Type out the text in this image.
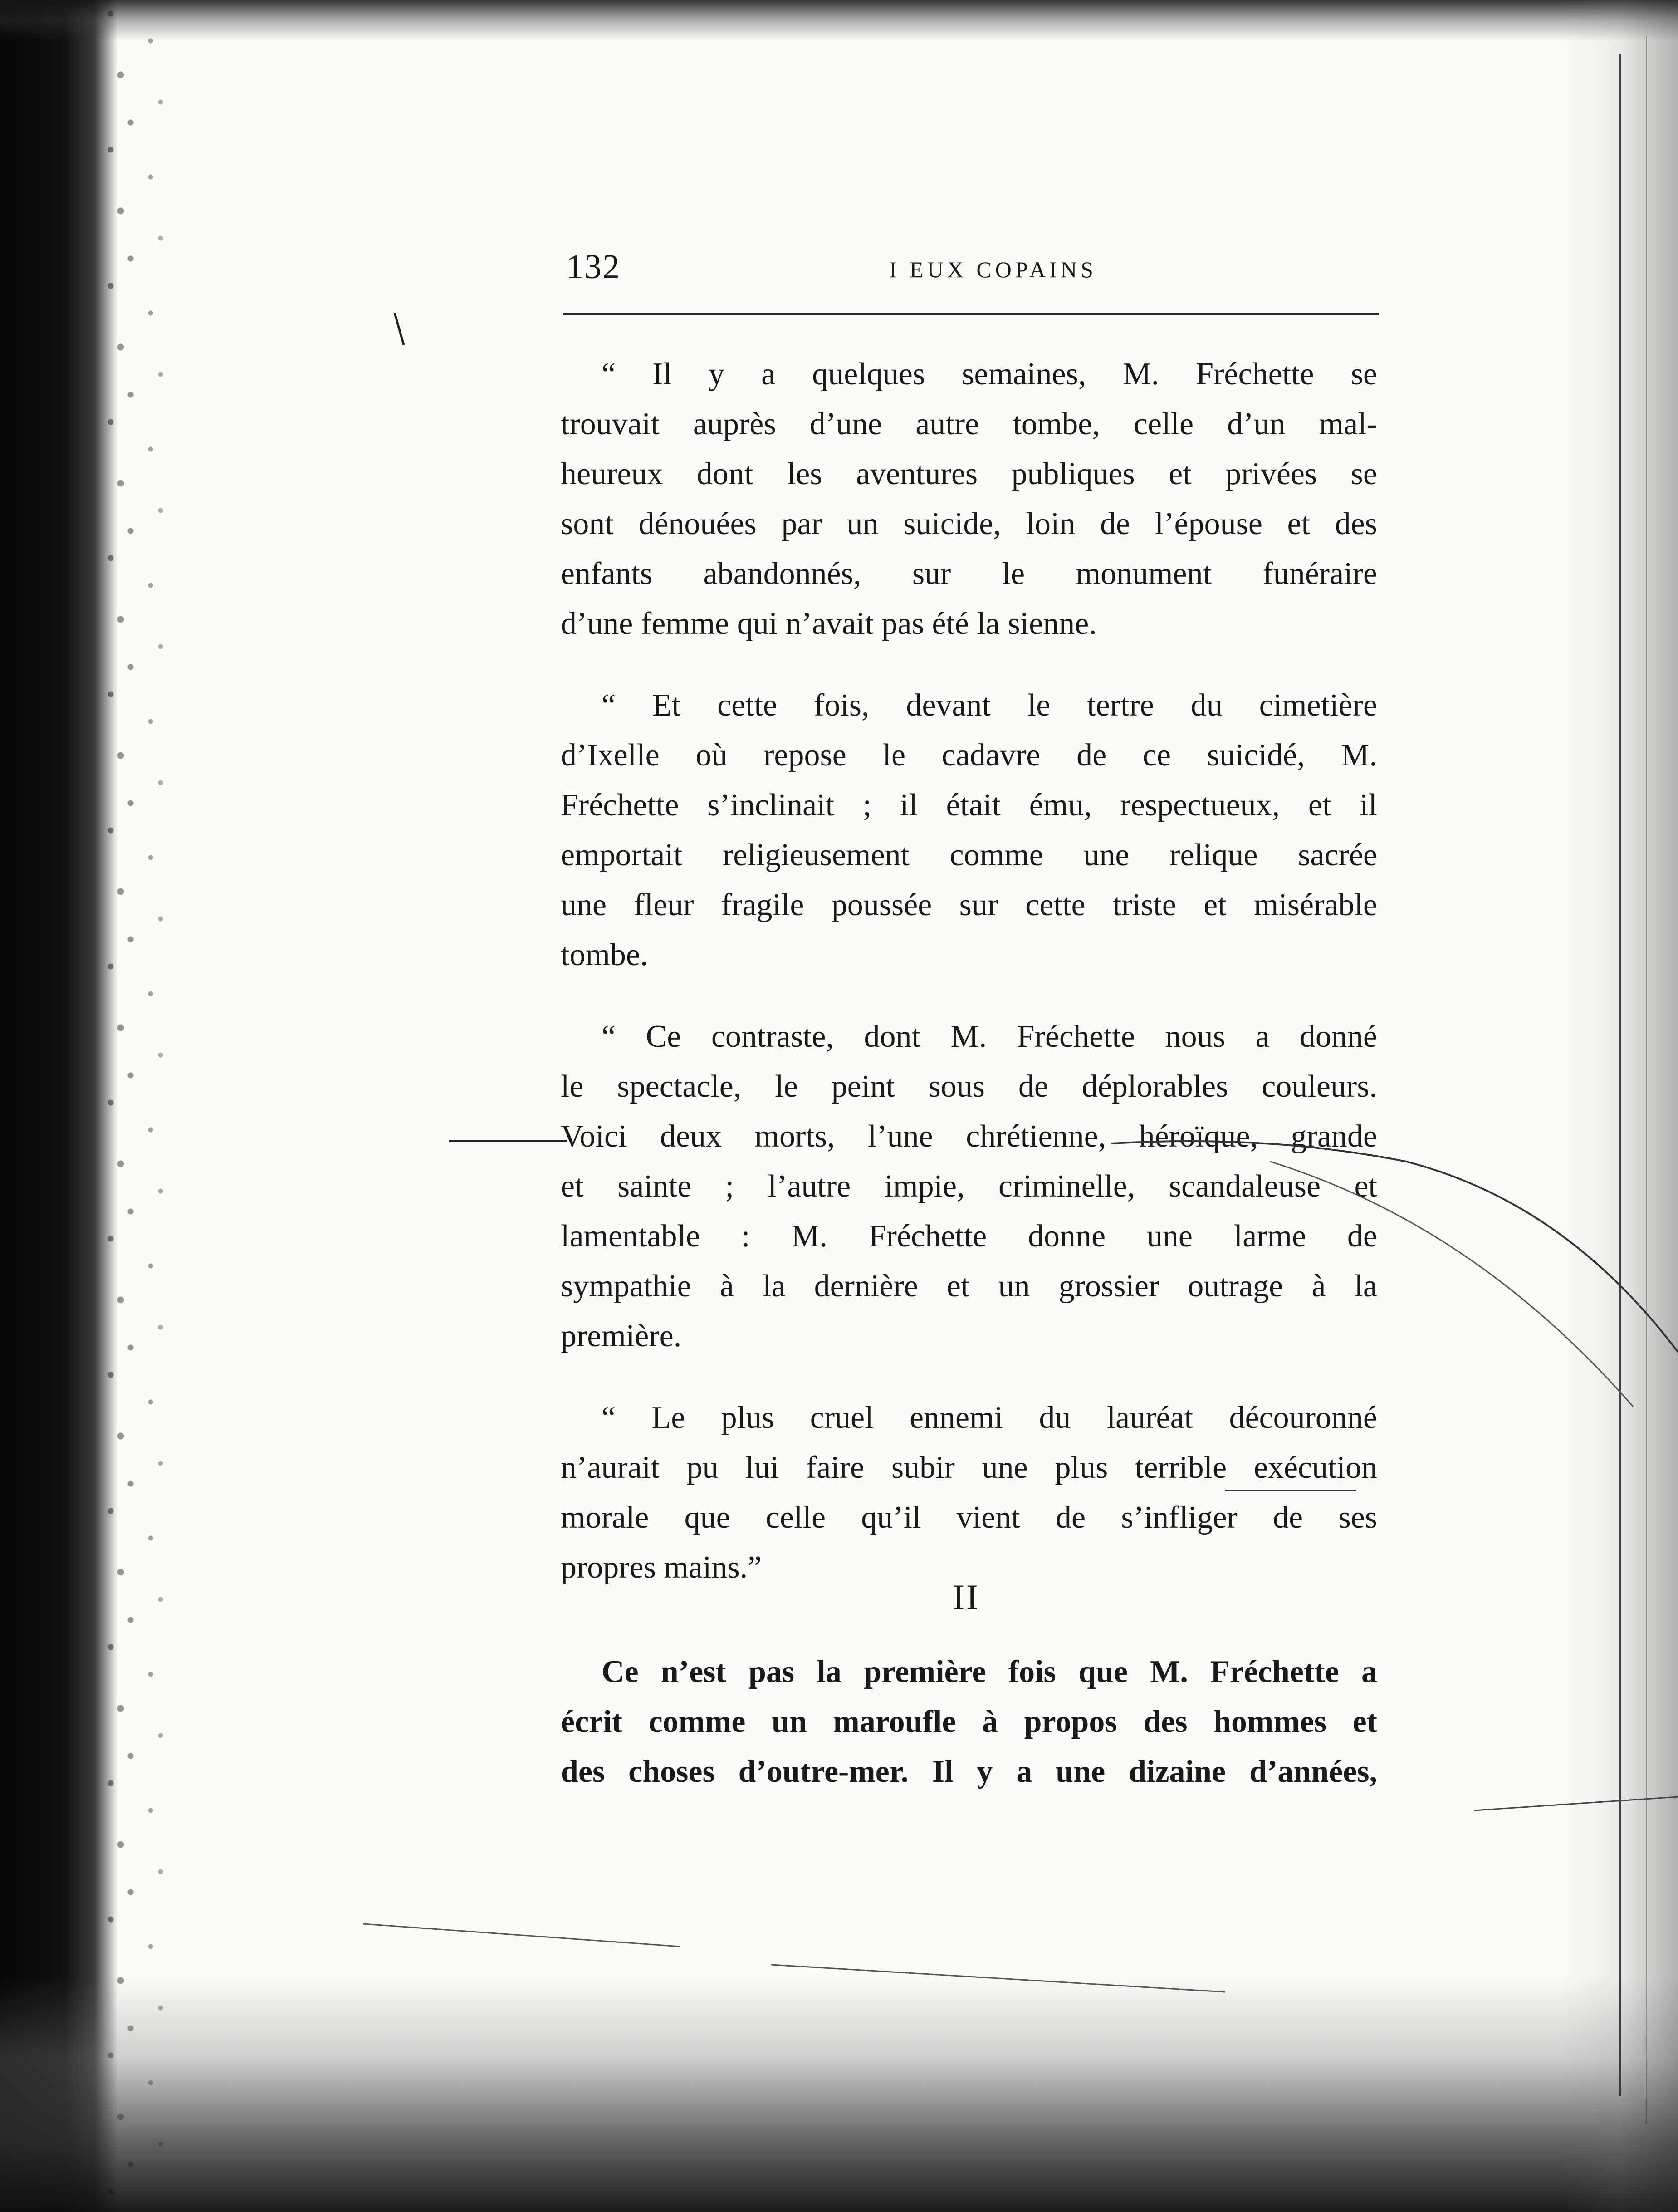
132	I EUX COPAINS
“ Il y a quelques semaines, M. Fréchette se
trouvait auprès d’une autre tombe, celle d’un mal-
heureux dont les aventures publiques et privées se
sont dénouées par un suicide, loin de l’épouse et des
enfants abandonnés, sur le monument funéraire
d’une femme qui n’avait pas été la sienne.
“ Et cette fois, devant le tertre du cimetière
d’Ixelle où repose le cadavre de ce suicidé, M.
Fréchette s’inclinait ; il était ému, respectueux, et il
emportait religieusement comme une relique sacrée
une fleur fragile poussée sur cette triste et misérable
tombe.
“ Ce contraste, dont M. Fréchette nous a donné
le spectacle, le peint sous de déplorables couleurs.
Voici deux morts, l’une chrétienne, héroïque, grande
et sainte ; l’autre impie, criminelle, scandaleuse et
lamentable : M. Fréchette donne une larme de
sympathie à la dernière et un grossier outrage à la
première.
“ Le plus cruel ennemi du lauréat découronné
n’aurait pu lui faire subir une plus terrible exécution
morale que celle qu’il vient de s’infliger de ses
propres mains.”
II
Ce n’est pas la première fois que M. Fréchette a
écrit comme un maroufle à propos des hommes et
des choses d’outre-mer. Il y a une dizaine d’années,
